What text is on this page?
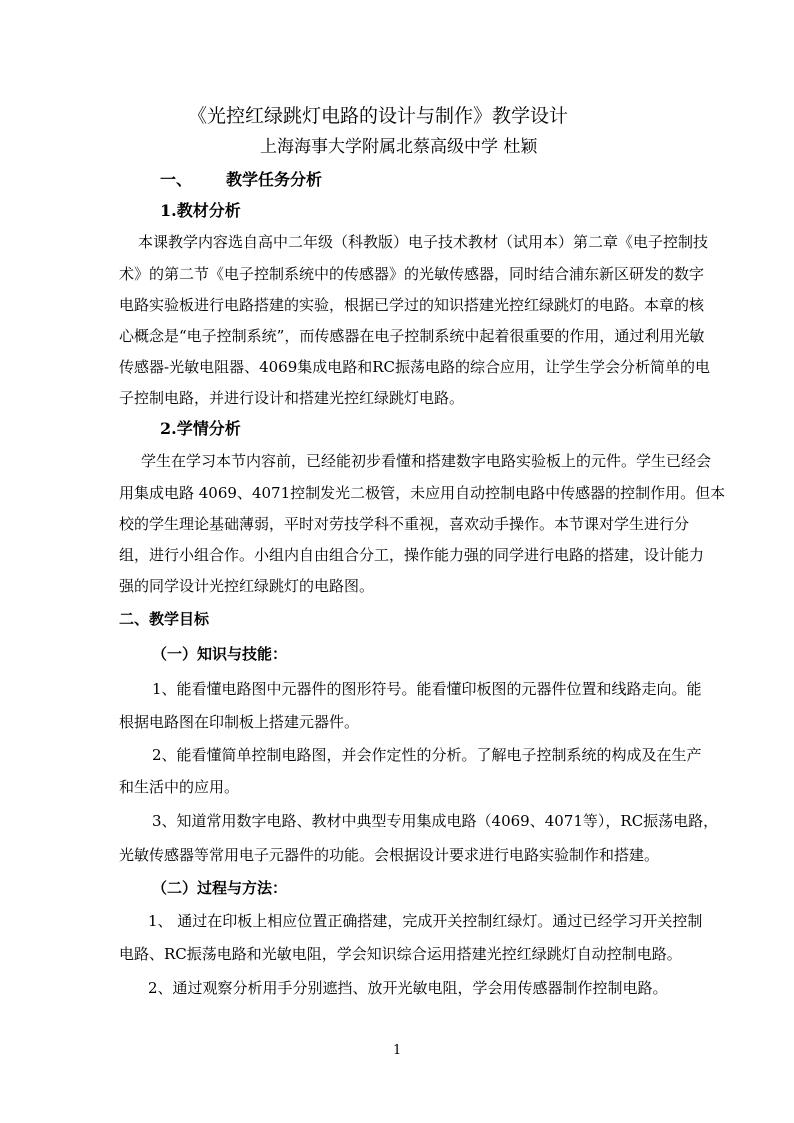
《光控红绿跳灯电路的设计与制作》教学设计
上海海事大学附属北蔡高级中学 杜颖
一、 教学任务分析
1.教材分析
本课教学内容选自高中二年级（科教版）电子技术教材（试用本）第二章《电子控制技
术》的第二节《电子控制系统中的传感器》的光敏传感器，同时结合浦东新区研发的数字
电路实验板进行电路搭建的实验，根据已学过的知识搭建光控红绿跳灯的电路。本章的核
心概念是“电子控制系统”，而传感器在电子控制系统中起着很重要的作用，通过利用光敏
传感器-光敏电阻器、4069集成电路和RC振荡电路的综合应用，让学生学会分析简单的电
子控制电路，并进行设计和搭建光控红绿跳灯电路。
2.学情分析
学生在学习本节内容前，已经能初步看懂和搭建数字电路实验板上的元件。学生已经会
用集成电路 4069、4071控制发光二极管，未应用自动控制电路中传感器的控制作用。但本
校的学生理论基础薄弱，平时对劳技学科不重视，喜欢动手操作。本节课对学生进行分
组，进行小组合作。小组内自由组合分工，操作能力强的同学进行电路的搭建，设计能力
强的同学设计光控红绿跳灯的电路图。
二、教学目标
（一）知识与技能：
1、能看懂电路图中元器件的图形符号。能看懂印板图的元器件位置和线路走向。能
根据电路图在印制板上搭建元器件。
2、能看懂简单控制电路图，并会作定性的分析。了解电子控制系统的构成及在生产
和生活中的应用。
3、知道常用数字电路、教材中典型专用集成电路（4069、4071等），RC振荡电路，
光敏传感器等常用电子元器件的功能。会根据设计要求进行电路实验制作和搭建。
（二）过程与方法：
1、 通过在印板上相应位置正确搭建，完成开关控制红绿灯。通过已经学习开关控制
电路、RC振荡电路和光敏电阻，学会知识综合运用搭建光控红绿跳灯自动控制电路。
2、通过观察分析用手分别遮挡、放开光敏电阻，学会用传感器制作控制电路。
1
